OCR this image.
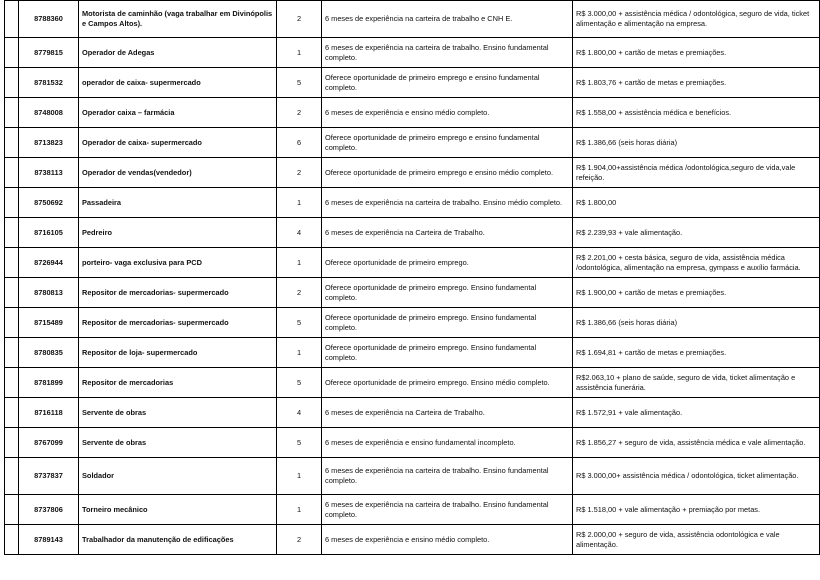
	8788360	Motorista de caminhão (vaga trabalhar em Divinópolis e Campos Altos).	2	6 meses de experiência na carteira de trabalho e CNH E.	R$ 3.000,00 + assistência médica / odontológica, seguro de vida, ticket alimentação e alimentação na empresa.
	8779815	Operador de Adegas	1	6 meses de experiência na carteira de trabalho. Ensino fundamental completo.	R$ 1.800,00 + cartão de metas e premiações.
	8781532	operador de caixa- supermercado	5	Oferece oportunidade de primeiro emprego e ensino fundamental completo.	R$ 1.803,76 + cartão de metas e premiações.
	8748008	Operador caixa – farmácia	2	6 meses de experiência e ensino médio completo.	R$ 1.558,00 + assistência médica e benefícios.
	8713823	Operador de caixa- supermercado	6	Oferece oportunidade de primeiro emprego e ensino fundamental completo.	R$ 1.386,66 (seis horas diária)
	8738113	Operador de vendas(vendedor)	2	Oferece oportunidade de primeiro emprego e ensino médio completo.	R$ 1.904,00+assistência médica /odontológica,seguro de vida,vale refeição.
	8750692	Passadeira	1	6 meses de experiência na carteira de trabalho. Ensino médio completo.	R$ 1.800,00
	8716105	Pedreiro	4	6 meses de experiência na Carteira de Trabalho.	R$ 2.239,93 + vale alimentação.
	8726944	porteiro- vaga exclusiva para PCD	1	Oferece oportunidade de primeiro emprego.	R$ 2.201,00 + cesta básica, seguro de vida, assistência médica /odontológica, alimentação na empresa, gympass e auxílio farmácia.
	8780813	Repositor de mercadorias- supermercado	2	Oferece oportunidade de primeiro emprego. Ensino fundamental completo.	R$ 1.900,00 + cartão de metas e premiações.
	8715489	Repositor de mercadorias- supermercado	5	Oferece oportunidade de primeiro emprego. Ensino fundamental completo.	R$ 1.386,66 (seis horas diária)
	8780835	Repositor de loja- supermercado	1	Oferece oportunidade de primeiro emprego. Ensino fundamental completo.	R$ 1.694,81 + cartão de metas e premiações.
	8781899	Repositor de mercadorias	5	Oferece oportunidade de primeiro emprego. Ensino médio completo.	R$2.063,10 + plano de saúde, seguro de vida, ticket alimentação e assistência funerária.
	8716118	Servente de obras	4	6 meses de experiência na Carteira de Trabalho.	R$ 1.572,91 + vale alimentação.
	8767099	Servente de obras	5	6 meses de experiência e ensino fundamental incompleto.	R$ 1.856,27 + seguro de vida, assistência médica e vale alimentação.
	8737837	Soldador	1	6 meses de experiência na carteira de trabalho. Ensino fundamental completo.	R$ 3.000,00+ assistência médica / odontológica, ticket alimentação.
	8737806	Torneiro mecânico	1	6 meses de experiência na carteira de trabalho. Ensino fundamental completo.	R$ 1.518,00 + vale alimentação + premiação por metas.
	8789143	Trabalhador da manutenção de edificações	2	6 meses de experiência e ensino médio completo.	R$ 2.000,00 + seguro de vida, assistência odontológica e vale alimentação.
